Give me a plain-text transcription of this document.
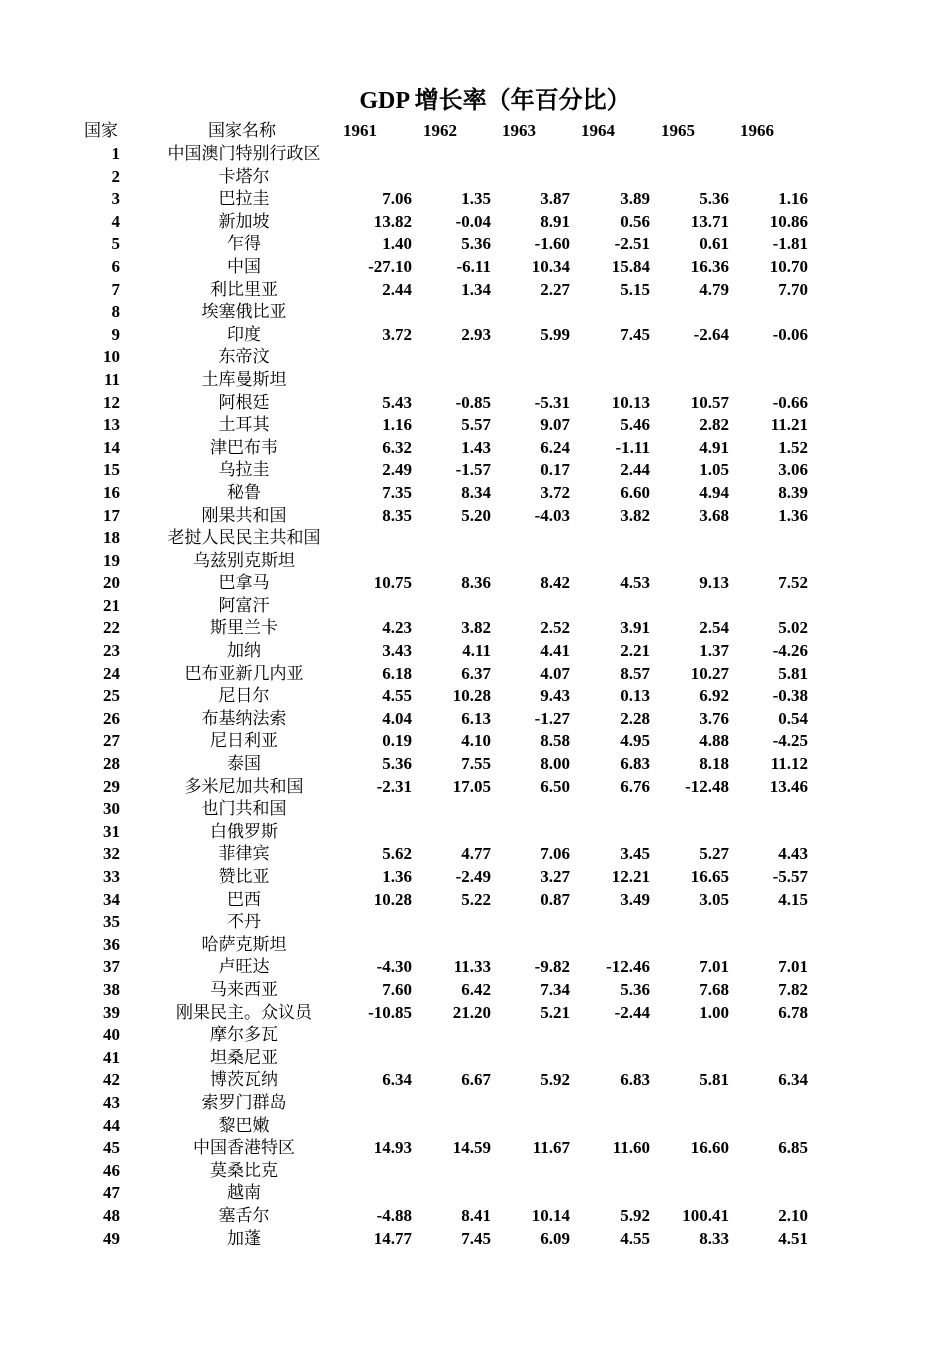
GDP 增长率（年百分比）
国家	国家名称	1961	1962	1963	1964	1965	1966
1	中国澳门特别行政区
2	卡塔尔
3	巴拉圭	7.06	1.35	3.87	3.89	5.36	1.16
4	新加坡	13.82	-0.04	8.91	0.56	13.71	10.86
5	乍得	1.40	5.36	-1.60	-2.51	0.61	-1.81
6	中国	-27.10	-6.11	10.34	15.84	16.36	10.70
7	利比里亚	2.44	1.34	2.27	5.15	4.79	7.70
8	埃塞俄比亚
9	印度	3.72	2.93	5.99	7.45	-2.64	-0.06
10	东帝汶
11	土库曼斯坦
12	阿根廷	5.43	-0.85	-5.31	10.13	10.57	-0.66
13	土耳其	1.16	5.57	9.07	5.46	2.82	11.21
14	津巴布韦	6.32	1.43	6.24	-1.11	4.91	1.52
15	乌拉圭	2.49	-1.57	0.17	2.44	1.05	3.06
16	秘鲁	7.35	8.34	3.72	6.60	4.94	8.39
17	刚果共和国	8.35	5.20	-4.03	3.82	3.68	1.36
18	老挝人民民主共和国
19	乌兹别克斯坦
20	巴拿马	10.75	8.36	8.42	4.53	9.13	7.52
21	阿富汗
22	斯里兰卡	4.23	3.82	2.52	3.91	2.54	5.02
23	加纳	3.43	4.11	4.41	2.21	1.37	-4.26
24	巴布亚新几内亚	6.18	6.37	4.07	8.57	10.27	5.81
25	尼日尔	4.55	10.28	9.43	0.13	6.92	-0.38
26	布基纳法索	4.04	6.13	-1.27	2.28	3.76	0.54
27	尼日利亚	0.19	4.10	8.58	4.95	4.88	-4.25
28	泰国	5.36	7.55	8.00	6.83	8.18	11.12
29	多米尼加共和国	-2.31	17.05	6.50	6.76	-12.48	13.46
30	也门共和国
31	白俄罗斯
32	菲律宾	5.62	4.77	7.06	3.45	5.27	4.43
33	赞比亚	1.36	-2.49	3.27	12.21	16.65	-5.57
34	巴西	10.28	5.22	0.87	3.49	3.05	4.15
35	不丹
36	哈萨克斯坦
37	卢旺达	-4.30	11.33	-9.82	-12.46	7.01	7.01
38	马来西亚	7.60	6.42	7.34	5.36	7.68	7.82
39	刚果民主。众议员	-10.85	21.20	5.21	-2.44	1.00	6.78
40	摩尔多瓦
41	坦桑尼亚
42	博茨瓦纳	6.34	6.67	5.92	6.83	5.81	6.34
43	索罗门群岛
44	黎巴嫩
45	中国香港特区	14.93	14.59	11.67	11.60	16.60	6.85
46	莫桑比克
47	越南
48	塞舌尔	-4.88	8.41	10.14	5.92	100.41	2.10
49	加蓬	14.77	7.45	6.09	4.55	8.33	4.51
